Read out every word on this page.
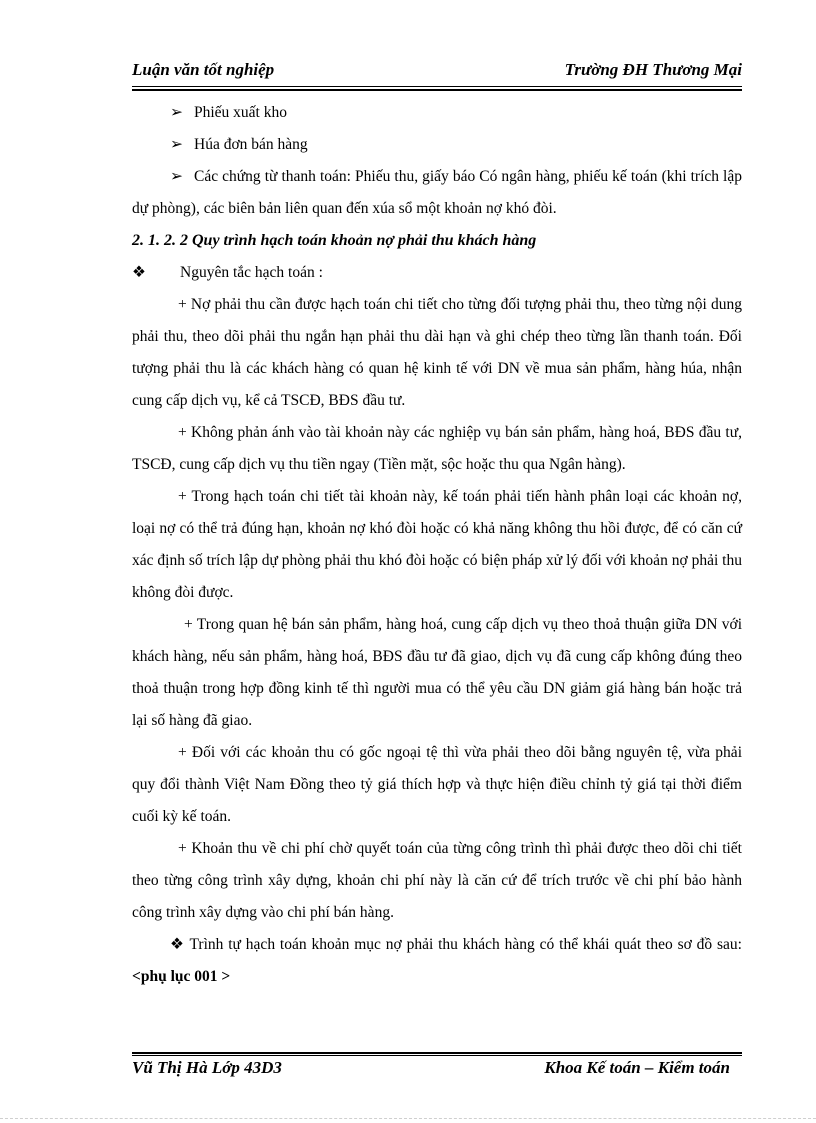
Luận văn tốt nghiệp	Trường ĐH Thương Mại

➢ Phiếu xuất kho

➢ Húa đơn bán hàng

➢ Các chứng từ thanh toán: Phiếu thu, giấy báo Có ngân hàng, phiếu kế toán (khi trích lập dự phòng), các biên bản liên quan đến xúa sổ một khoản nợ khó đòi.

2. 1. 2. 2 Quy trình hạch toán khoản nợ phải thu khách hàng

❖ Nguyên tắc hạch toán :

+ Nợ phải thu cần được hạch toán chi tiết cho từng đối tượng phải thu, theo từng nội dung phải thu, theo dõi phải thu ngắn hạn phải thu dài hạn và ghi chép theo từng lần thanh toán. Đối tượng phải thu là các khách hàng có quan hệ kinh tế với DN về mua sản phẩm, hàng húa, nhận cung cấp dịch vụ, kể cả TSCĐ, BĐS đầu tư.

+ Không phản ánh vào tài khoản này các nghiệp vụ bán sản phẩm, hàng hoá, BĐS đầu tư, TSCĐ, cung cấp dịch vụ thu tiền ngay (Tiền mặt, sộc hoặc thu qua Ngân hàng).

+ Trong hạch toán chi tiết tài khoản này, kế toán phải tiến hành phân loại các khoản nợ, loại nợ có thể trả đúng hạn, khoản nợ khó đòi hoặc có khả năng không thu hồi được, để có căn cứ xác định số trích lập dự phòng phải thu khó đòi hoặc có biện pháp xử lý đối với khoản nợ phải thu không đòi được.

+ Trong quan hệ bán sản phẩm, hàng hoá, cung cấp dịch vụ theo thoả thuận giữa DN với khách hàng, nếu sản phẩm, hàng hoá, BĐS đầu tư đã giao, dịch vụ đã cung cấp không đúng theo thoả thuận trong hợp đồng kinh tế thì người mua có thể yêu cầu DN giảm giá hàng bán hoặc trả lại số hàng đã giao.

+ Đối với các khoản thu có gốc ngoại tệ thì vừa phải theo dõi bằng nguyên tệ, vừa phải quy đổi thành Việt Nam Đồng theo tỷ giá thích hợp và thực hiện điều chỉnh tỷ giá tại thời điểm cuối kỳ kế toán.

+ Khoản thu về chi phí chờ quyết toán của từng công trình thì phải được theo dõi chi tiết theo từng công trình xây dựng, khoản chi phí này là căn cứ để trích trước về chi phí bảo hành công trình xây dựng vào chi phí bán hàng.

❖ Trình tự hạch toán khoản mục nợ phải thu khách hàng có thể khái quát theo sơ đồ sau: <phụ lục 001 >

Vũ Thị Hà Lớp 43D3	Khoa Kế toán – Kiểm toán
